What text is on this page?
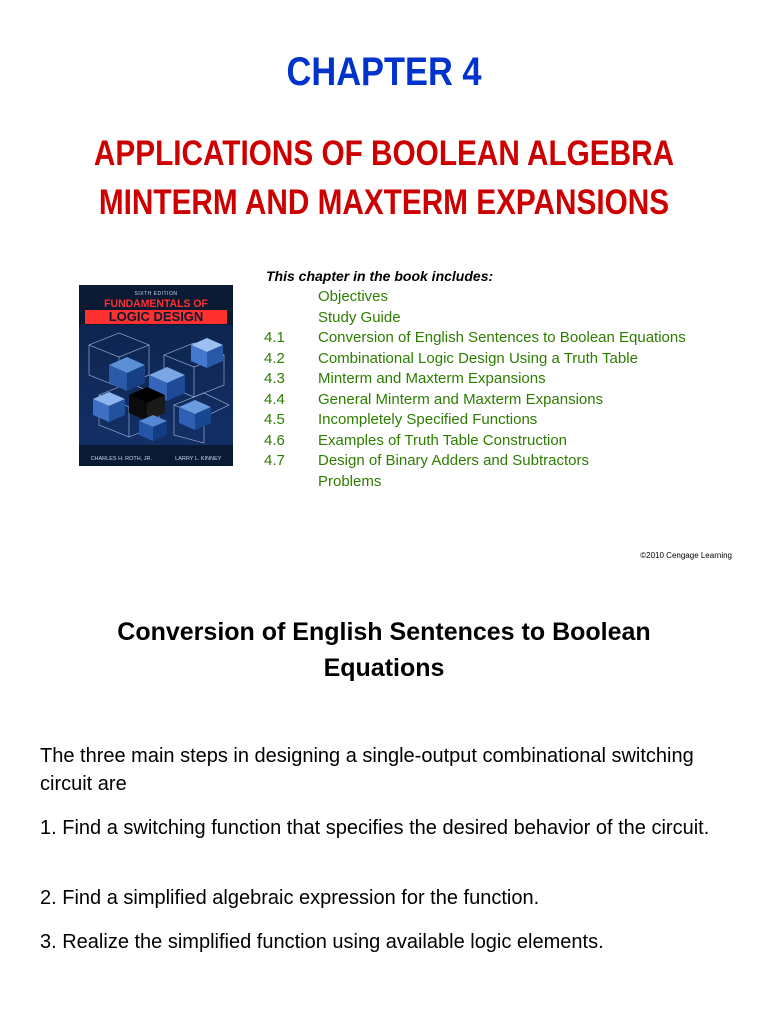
CHAPTER 4
APPLICATIONS OF BOOLEAN ALGEBRA
MINTERM AND MAXTERM EXPANSIONS
SIXTH EDITION
FUNDAMENTALS OF
LOGIC DESIGN
CHARLES H. ROTH, JR.	LARRY L. KINNEY
This chapter in the book includes:
Objectives
Study Guide
4.1 Conversion of English Sentences to Boolean Equations
4.2 Combinational Logic Design Using a Truth Table
4.3 Minterm and Maxterm Expansions
4.4 General Minterm and Maxterm Expansions
4.5 Incompletely Specified Functions
4.6 Examples of Truth Table Construction
4.7 Design of Binary Adders and Subtractors
Problems
©2010 Cengage Learning
Conversion of English Sentences to Boolean
Equations
The three main steps in designing a single-output combinational switching circuit are
1. Find a switching function that specifies the desired behavior of the circuit.
2. Find a simplified algebraic expression for the function.
3. Realize the simplified function using available logic elements.
